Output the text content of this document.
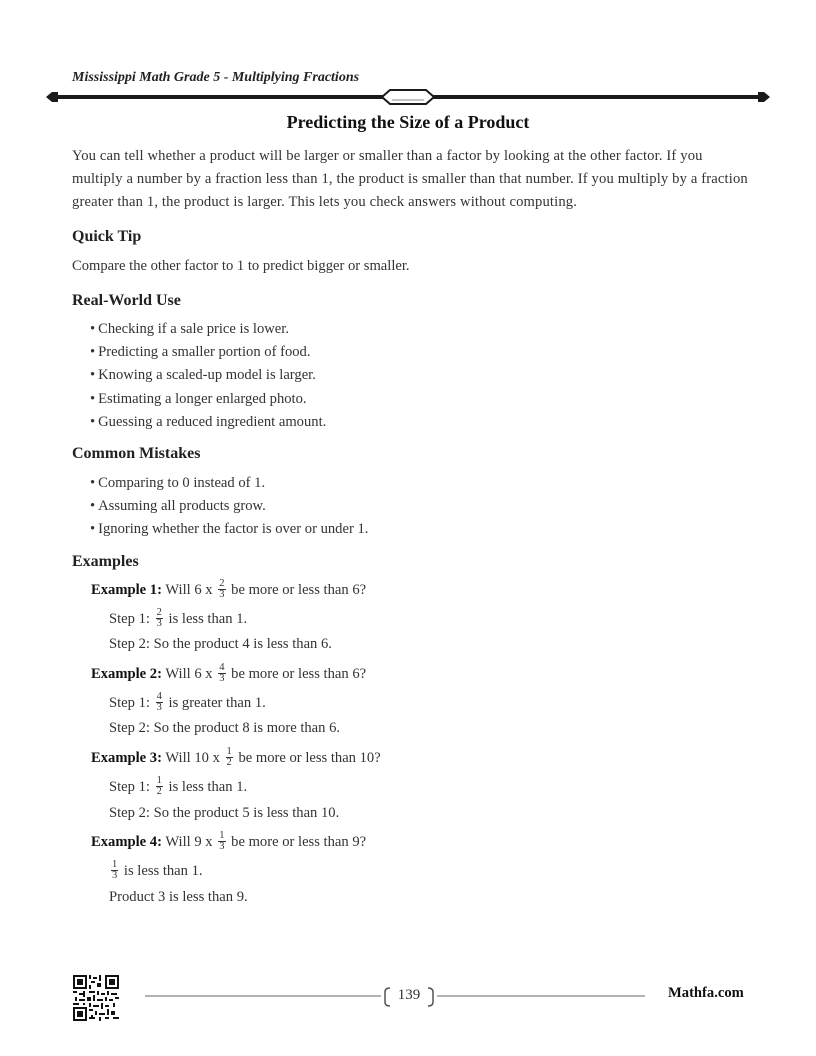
Mississippi Math Grade 5 - Multiplying Fractions
Predicting the Size of a Product
You can tell whether a product will be larger or smaller than a factor by looking at the other factor. If you multiply a number by a fraction less than 1, the product is smaller than that number. If you multiply by a fraction greater than 1, the product is larger. This lets you check answers without computing.
Quick Tip
Compare the other factor to 1 to predict bigger or smaller.
Real-World Use
• Checking if a sale price is lower.
• Predicting a smaller portion of food.
• Knowing a scaled-up model is larger.
• Estimating a longer enlarged photo.
• Guessing a reduced ingredient amount.
Common Mistakes
• Comparing to 0 instead of 1.
• Assuming all products grow.
• Ignoring whether the factor is over or under 1.
Examples
Example 1: Will 6 x $\frac{2}{3}$ be more or less than 6?
Step 1: $\frac{2}{3}$ is less than 1.
Step 2: So the product 4 is less than 6.
Example 2: Will 6 x $\frac{4}{3}$ be more or less than 6?
Step 1: $\frac{4}{3}$ is greater than 1.
Step 2: So the product 8 is more than 6.
Example 3: Will 10 x $\frac{1}{2}$ be more or less than 10?
Step 1: $\frac{1}{2}$ is less than 1.
Step 2: So the product 5 is less than 10.
Example 4: Will 9 x $\frac{1}{3}$ be more or less than 9?
$\frac{1}{3}$ is less than 1.
Product 3 is less than 9.
139	Mathfa.com
